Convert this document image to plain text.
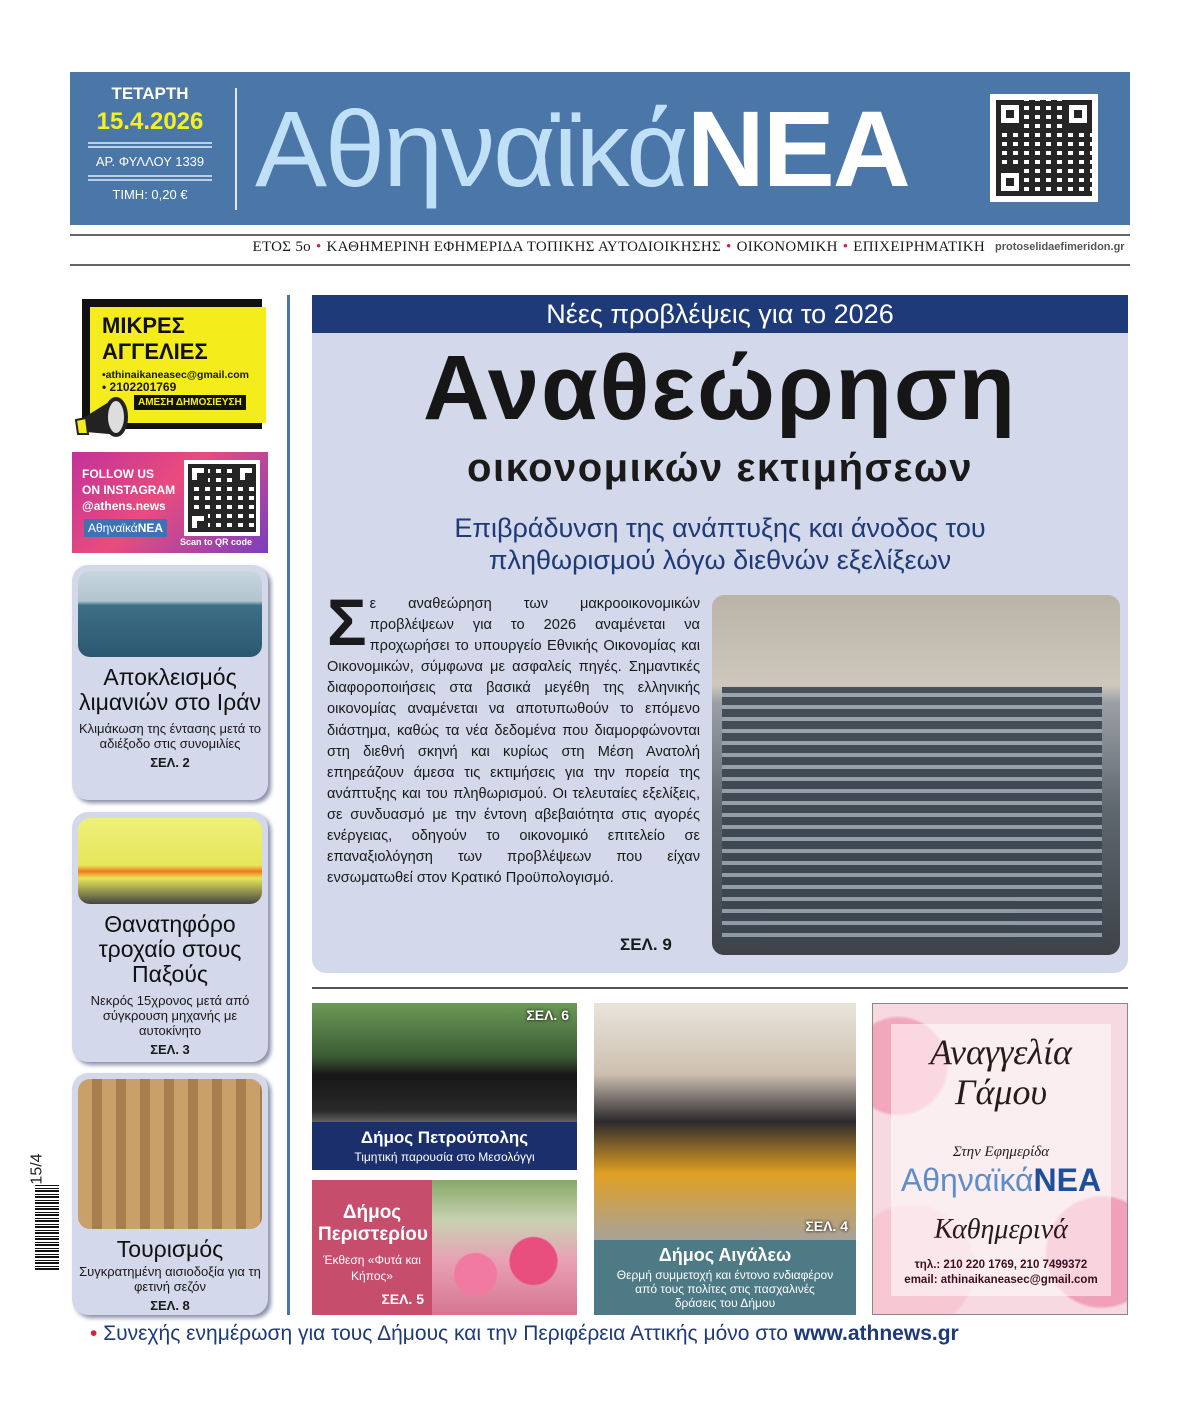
ΤΕΤΑΡΤΗ
15.4.2026
ΑΡ. ΦΥΛΛΟΥ 1339
ΤΙΜΗ: 0,20 € ΑθηναϊκάΝΕΑ
ΕΤΟΣ 5ο • ΚΑΘΗΜΕΡΙΝΗ ΕΦΗΜΕΡΙΔΑ ΤΟΠΙΚΗΣ ΑΥΤΟΔΙΟΙΚΗΣΗΣ • ΟΙΚΟΝΟΜΙΚΗ • ΕΠΙΧΕΙΡΗΜΑΤΙΚΗ protoselidaefimeridon.gr
ΜΙΚΡΕΣ ΑΓΓΕΛΙΕΣ
•athinaikaneasec@gmail.com
• 2102201769
ΑΜΕΣΗ ΔΗΜΟΣΙΕΥΣΗ
FOLLOW US
ON INSTAGRAM
@athens.news
ΑθηναϊκάΝΕΑ
Scan to QR code
Αποκλεισμός λιμανιών στο Ιράν

Κλιμάκωση της έντασης μετά το αδιέξοδο στις συνομιλίες

ΣΕΛ. 2
Θανατηφόρο τροχαίο στους Παξούς

Νεκρός 15χρονος μετά από σύγκρουση μηχανής με αυτοκίνητο

ΣΕΛ. 3
Τουρισμός

Συγκρατημένη αισιοδοξία για τη φετινή σεζόν

ΣΕΛ. 8
15/4
Νέες προβλέψεις για το 2026
Αναθεώρηση
οικονομικών εκτιμήσεων
Επιβράδυνση της ανάπτυξης και άνοδος του πληθωρισμού λόγω διεθνών εξελίξεων
Σε αναθεώρηση των μακροοικονομικών προβλέψεων για το 2026 αναμένεται να προχωρήσει το υπουργείο Εθνικής Οικονομίας και Οικονομικών, σύμφωνα με ασφαλείς πηγές. Σημαντικές διαφοροποιήσεις στα βασικά μεγέθη της ελληνικής οικονομίας αναμένεται να αποτυπωθούν το επόμενο διάστημα, καθώς τα νέα δεδομένα που διαμορφώνονται στη διεθνή σκηνή και κυρίως στη Μέση Ανατολή επηρεάζουν άμεσα τις εκτιμήσεις για την πορεία της ανάπτυξης και του πληθωρισμού. Οι τελευταίες εξελίξεις, σε συνδυασμό με την έντονη αβεβαιότητα στις αγορές ενέργειας, οδηγούν το οικονομικό επιτελείο σε επαναξιολόγηση των προβλέψεων που είχαν ενσωματωθεί στον Κρατικό Προϋπολογισμό.
ΣΕΛ. 9
ΣΕΛ. 6
Δήμος Πετρούπολης
Τιμητική παρουσία στο Μεσολόγγι
Δήμος Περιστερίου
Έκθεση «Φυτά και Κήπος»
ΣΕΛ. 5
ΣΕΛ. 4
Δήμος Αιγάλεω
Θερμή συμμετοχή και έντονο ενδιαφέρον από τους πολίτες στις πασχαλινές δράσεις του Δήμου
Αναγγελία Γάμου
Στην Εφημερίδα
ΑθηναϊκάΝΕΑ
Καθημερινά
τηλ.: 210 220 1769, 210 7499372
email: athinaikaneasec@gmail.com
• Συνεχής ενημέρωση για τους Δήμους και την Περιφέρεια Αττικής μόνο στο www.athnews.gr
